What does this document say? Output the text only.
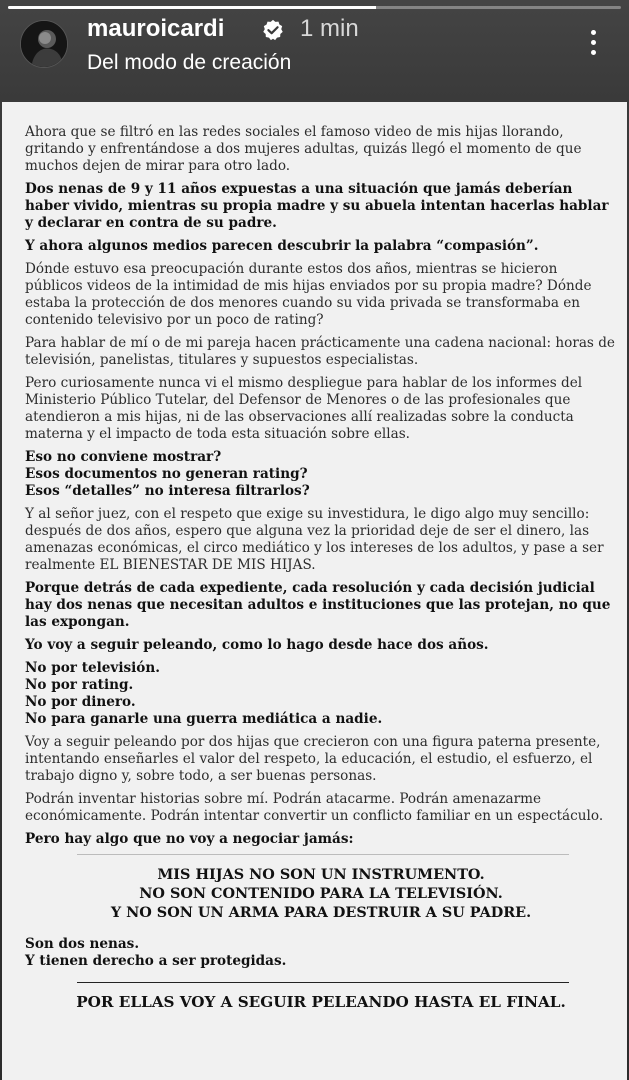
mauroicardi	1 min
Del modo de creación

Ahora que se filtró en las redes sociales el famoso video de mis hijas llorando, gritando y enfrentándose a dos mujeres adultas, quizás llegó el momento de que muchos dejen de mirar para otro lado.

Dos nenas de 9 y 11 años expuestas a una situación que jamás deberían haber vivido, mientras su propia madre y su abuela intentan hacerlas hablar y declarar en contra de su padre.

Y ahora algunos medios parecen descubrir la palabra “compasión”.

Dónde estuvo esa preocupación durante estos dos años, mientras se hicieron públicos videos de la intimidad de mis hijas enviados por su propia madre? Dónde estaba la protección de dos menores cuando su vida privada se transformaba en contenido televisivo por un poco de rating?

Para hablar de mí o de mi pareja hacen prácticamente una cadena nacional: horas de televisión, panelistas, titulares y supuestos especialistas.

Pero curiosamente nunca vi el mismo despliegue para hablar de los informes del Ministerio Público Tutelar, del Defensor de Menores o de las profesionales que atendieron a mis hijas, ni de las observaciones allí realizadas sobre la conducta materna y el impacto de toda esta situación sobre ellas.

Eso no conviene mostrar?
Esos documentos no generan rating?
Esos “detalles” no interesa filtrarlos?

Y al señor juez, con el respeto que exige su investidura, le digo algo muy sencillo: después de dos años, espero que alguna vez la prioridad deje de ser el dinero, las amenazas económicas, el circo mediático y los intereses de los adultos, y pase a ser realmente EL BIENESTAR DE MIS HIJAS.

Porque detrás de cada expediente, cada resolución y cada decisión judicial hay dos nenas que necesitan adultos e instituciones que las protejan, no que las expongan.

Yo voy a seguir peleando, como lo hago desde hace dos años.

No por televisión.
No por rating.
No por dinero.
No para ganarle una guerra mediática a nadie.

Voy a seguir peleando por dos hijas que crecieron con una figura paterna presente, intentando enseñarles el valor del respeto, la educación, el estudio, el esfuerzo, el trabajo digno y, sobre todo, a ser buenas personas.

Podrán inventar historias sobre mí. Podrán atacarme. Podrán amenazarme económicamente. Podrán intentar convertir un conflicto familiar en un espectáculo.

Pero hay algo que no voy a negociar jamás:

MIS HIJAS NO SON UN INSTRUMENTO.
NO SON CONTENIDO PARA LA TELEVISIÓN.
Y NO SON UN ARMA PARA DESTRUIR A SU PADRE.

Son dos nenas.
Y tienen derecho a ser protegidas.

POR ELLAS VOY A SEGUIR PELEANDO HASTA EL FINAL.
